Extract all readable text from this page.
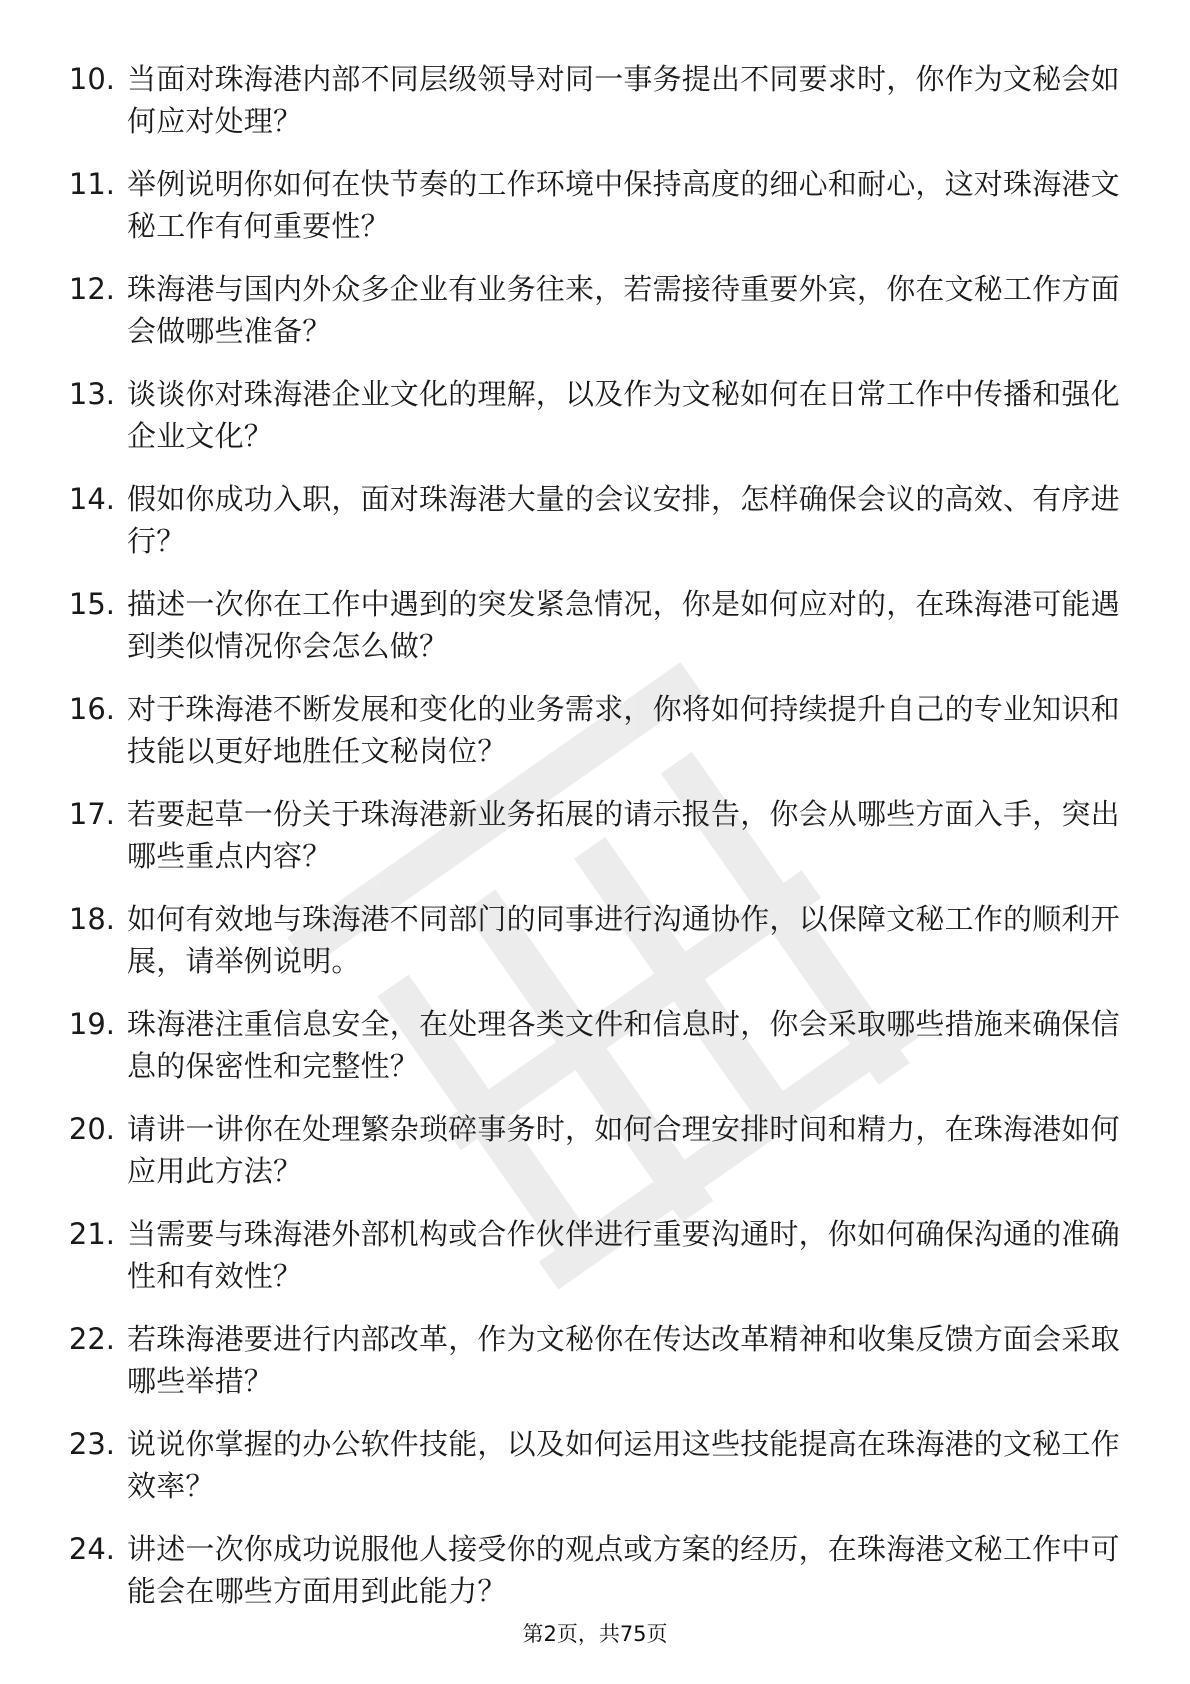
10. 当面对珠海港内部不同层级领导对同一事务提出不同要求时，你作为文秘会如何应对处理？
11. 举例说明你如何在快节奏的工作环境中保持高度的细心和耐心，这对珠海港文秘工作有何重要性？
12. 珠海港与国内外众多企业有业务往来，若需接待重要外宾，你在文秘工作方面会做哪些准备？
13. 谈谈你对珠海港企业文化的理解，以及作为文秘如何在日常工作中传播和强化企业文化？
14. 假如你成功入职，面对珠海港大量的会议安排，怎样确保会议的高效、有序进行？
15. 描述一次你在工作中遇到的突发紧急情况，你是如何应对的，在珠海港可能遇到类似情况你会怎么做？
16. 对于珠海港不断发展和变化的业务需求，你将如何持续提升自己的专业知识和技能以更好地胜任文秘岗位？
17. 若要起草一份关于珠海港新业务拓展的请示报告，你会从哪些方面入手，突出哪些重点内容？
18. 如何有效地与珠海港不同部门的同事进行沟通协作，以保障文秘工作的顺利开展，请举例说明。
19. 珠海港注重信息安全，在处理各类文件和信息时，你会采取哪些措施来确保信息的保密性和完整性？
20. 请讲一讲你在处理繁杂琐碎事务时，如何合理安排时间和精力，在珠海港如何应用此方法？
21. 当需要与珠海港外部机构或合作伙伴进行重要沟通时，你如何确保沟通的准确性和有效性？
22. 若珠海港要进行内部改革，作为文秘你在传达改革精神和收集反馈方面会采取哪些举措？
23. 说说你掌握的办公软件技能，以及如何运用这些技能提高在珠海港的文秘工作效率？
24. 讲述一次你成功说服他人接受你的观点或方案的经历，在珠海港文秘工作中可能会在哪些方面用到此能力？
第2页，共75页
